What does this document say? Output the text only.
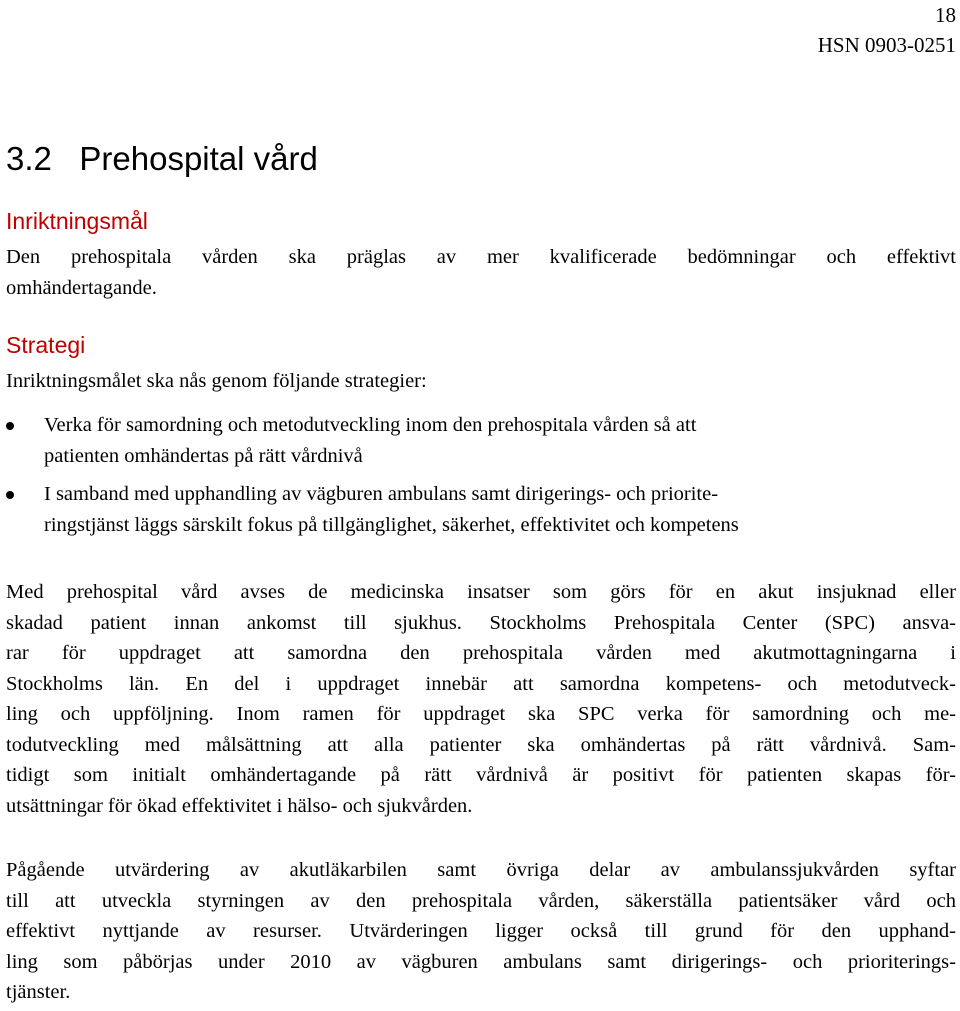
18
HSN 0903-0251
3.2   Prehospital vård
Inriktningsmål
Den prehospitala vården ska präglas av mer kvalificerade bedömningar och effektivt
omhändertagande.
Strategi
Inriktningsmålet ska nås genom följande strategier:
Verka för samordning och metodutveckling inom den prehospitala vården så att
patienten omhändertas på rätt vårdnivå
I samband med upphandling av vägburen ambulans samt dirigerings- och priorite-
ringstjänst läggs särskilt fokus på tillgänglighet, säkerhet, effektivitet och kompetens
Med prehospital vård avses de medicinska insatser som görs för en akut insjuknad eller
skadad patient innan ankomst till sjukhus. Stockholms Prehospitala Center (SPC) ansva-
rar för uppdraget att samordna den prehospitala vården med akutmottagningarna i
Stockholms län. En del i uppdraget innebär att samordna kompetens- och metodutveck-
ling och uppföljning. Inom ramen för uppdraget ska SPC verka för samordning och me-
todutveckling med målsättning att alla patienter ska omhändertas på rätt vårdnivå. Sam-
tidigt som initialt omhändertagande på rätt vårdnivå är positivt för patienten skapas för-
utsättningar för ökad effektivitet i hälso- och sjukvården.
Pågående utvärdering av akutläkarbilen samt övriga delar av ambulanssjukvården syftar
till att utveckla styrningen av den prehospitala vården, säkerställa patientsäker vård och
effektivt nyttjande av resurser. Utvärderingen ligger också till grund för den upphand-
ling som påbörjas under 2010 av vägburen ambulans samt dirigerings- och prioriterings-
tjänster.
